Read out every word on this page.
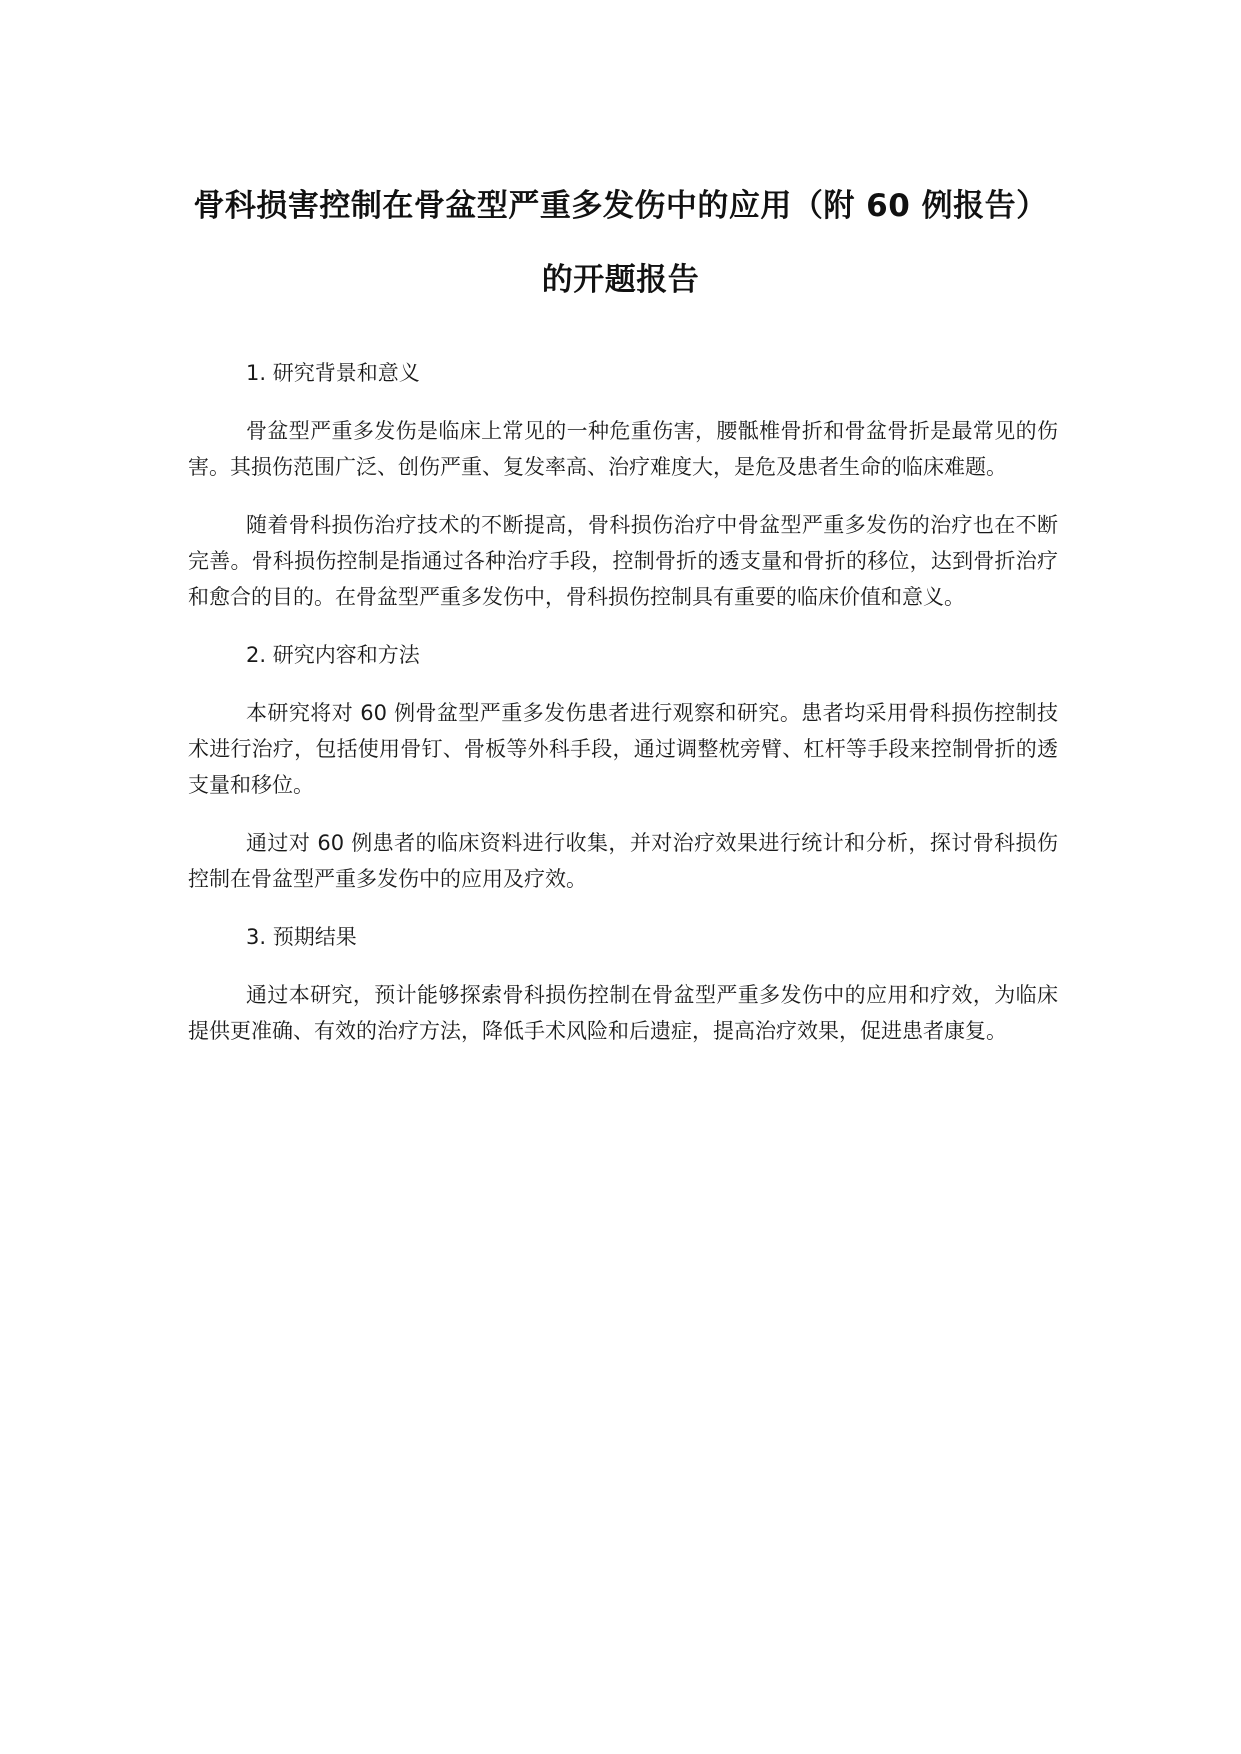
骨科损害控制在骨盆型严重多发伤中的应用（附 60 例报告）
的开题报告
1. 研究背景和意义

骨盆型严重多发伤是临床上常见的一种危重伤害，腰骶椎骨折和骨盆骨折是最常见的伤害。其损伤范围广泛、创伤严重、复发率高、治疗难度大，是危及患者生命的临床难题。

随着骨科损伤治疗技术的不断提高，骨科损伤治疗中骨盆型严重多发伤的治疗也在不断完善。骨科损伤控制是指通过各种治疗手段，控制骨折的透支量和骨折的移位，达到骨折治疗和愈合的目的。在骨盆型严重多发伤中，骨科损伤控制具有重要的临床价值和意义。

2. 研究内容和方法

本研究将对 60 例骨盆型严重多发伤患者进行观察和研究。患者均采用骨科损伤控制技术进行治疗，包括使用骨钉、骨板等外科手段，通过调整枕旁臂、杠杆等手段来控制骨折的透支量和移位。

通过对 60 例患者的临床资料进行收集，并对治疗效果进行统计和分析，探讨骨科损伤控制在骨盆型严重多发伤中的应用及疗效。

3. 预期结果

通过本研究，预计能够探索骨科损伤控制在骨盆型严重多发伤中的应用和疗效，为临床提供更准确、有效的治疗方法，降低手术风险和后遗症，提高治疗效果，促进患者康复。
